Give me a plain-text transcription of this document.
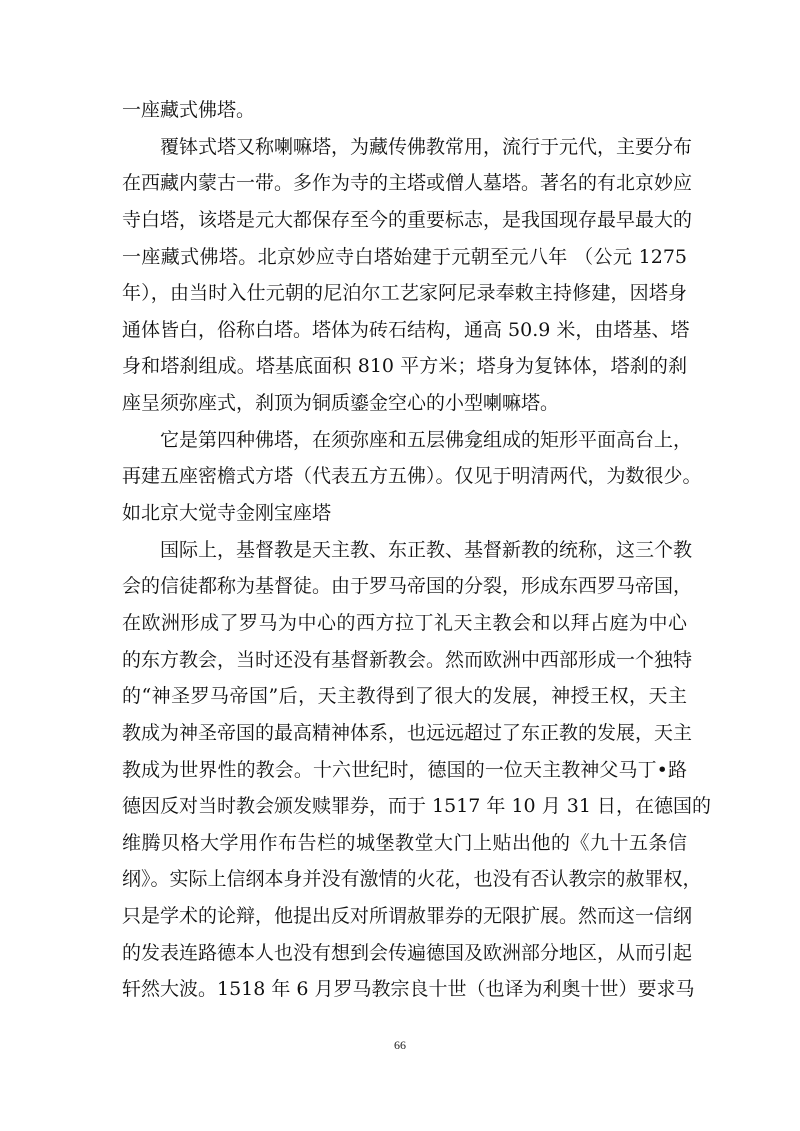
一座藏式佛塔。
　　覆钵式塔又称喇嘛塔，为藏传佛教常用，流行于元代，主要分布
在西藏内蒙古一带。多作为寺的主塔或僧人墓塔。著名的有北京妙应
寺白塔，该塔是元大都保存至今的重要标志，是我国现存最早最大的
一座藏式佛塔。北京妙应寺白塔始建于元朝至元八年 （公元 1275
年），由当时入仕元朝的尼泊尔工艺家阿尼录奉敕主持修建，因塔身
通体皆白，俗称白塔。塔体为砖石结构，通高 50.9 米，由塔基、塔
身和塔刹组成。塔基底面积 810 平方米；塔身为复钵体，塔刹的刹
座呈须弥座式，刹顶为铜质鎏金空心的小型喇嘛塔。
　　它是第四种佛塔，在须弥座和五层佛龛组成的矩形平面高台上，
再建五座密檐式方塔（代表五方五佛）。仅见于明清两代，为数很少。
如北京大觉寺金刚宝座塔
　　国际上，基督教是天主教、东正教、基督新教的统称，这三个教
会的信徒都称为基督徒。由于罗马帝国的分裂，形成东西罗马帝国，
在欧洲形成了罗马为中心的西方拉丁礼天主教会和以拜占庭为中心
的东方教会，当时还没有基督新教会。然而欧洲中西部形成一个独特
的“神圣罗马帝国”后，天主教得到了很大的发展，神授王权，天主
教成为神圣帝国的最高精神体系，也远远超过了东正教的发展，天主
教成为世界性的教会。十六世纪时，德国的一位天主教神父马丁•路
德因反对当时教会颁发赎罪券，而于 1517 年 10 月 31 日，在德国的
维腾贝格大学用作布告栏的城堡教堂大门上贴出他的《九十五条信
纲》。实际上信纲本身并没有激情的火花，也没有否认教宗的赦罪权，
只是学术的论辩，他提出反对所谓赦罪券的无限扩展。然而这一信纲
的发表连路德本人也没有想到会传遍德国及欧洲部分地区，从而引起
轩然大波。1518 年 6 月罗马教宗良十世（也译为利奥十世）要求马
66
